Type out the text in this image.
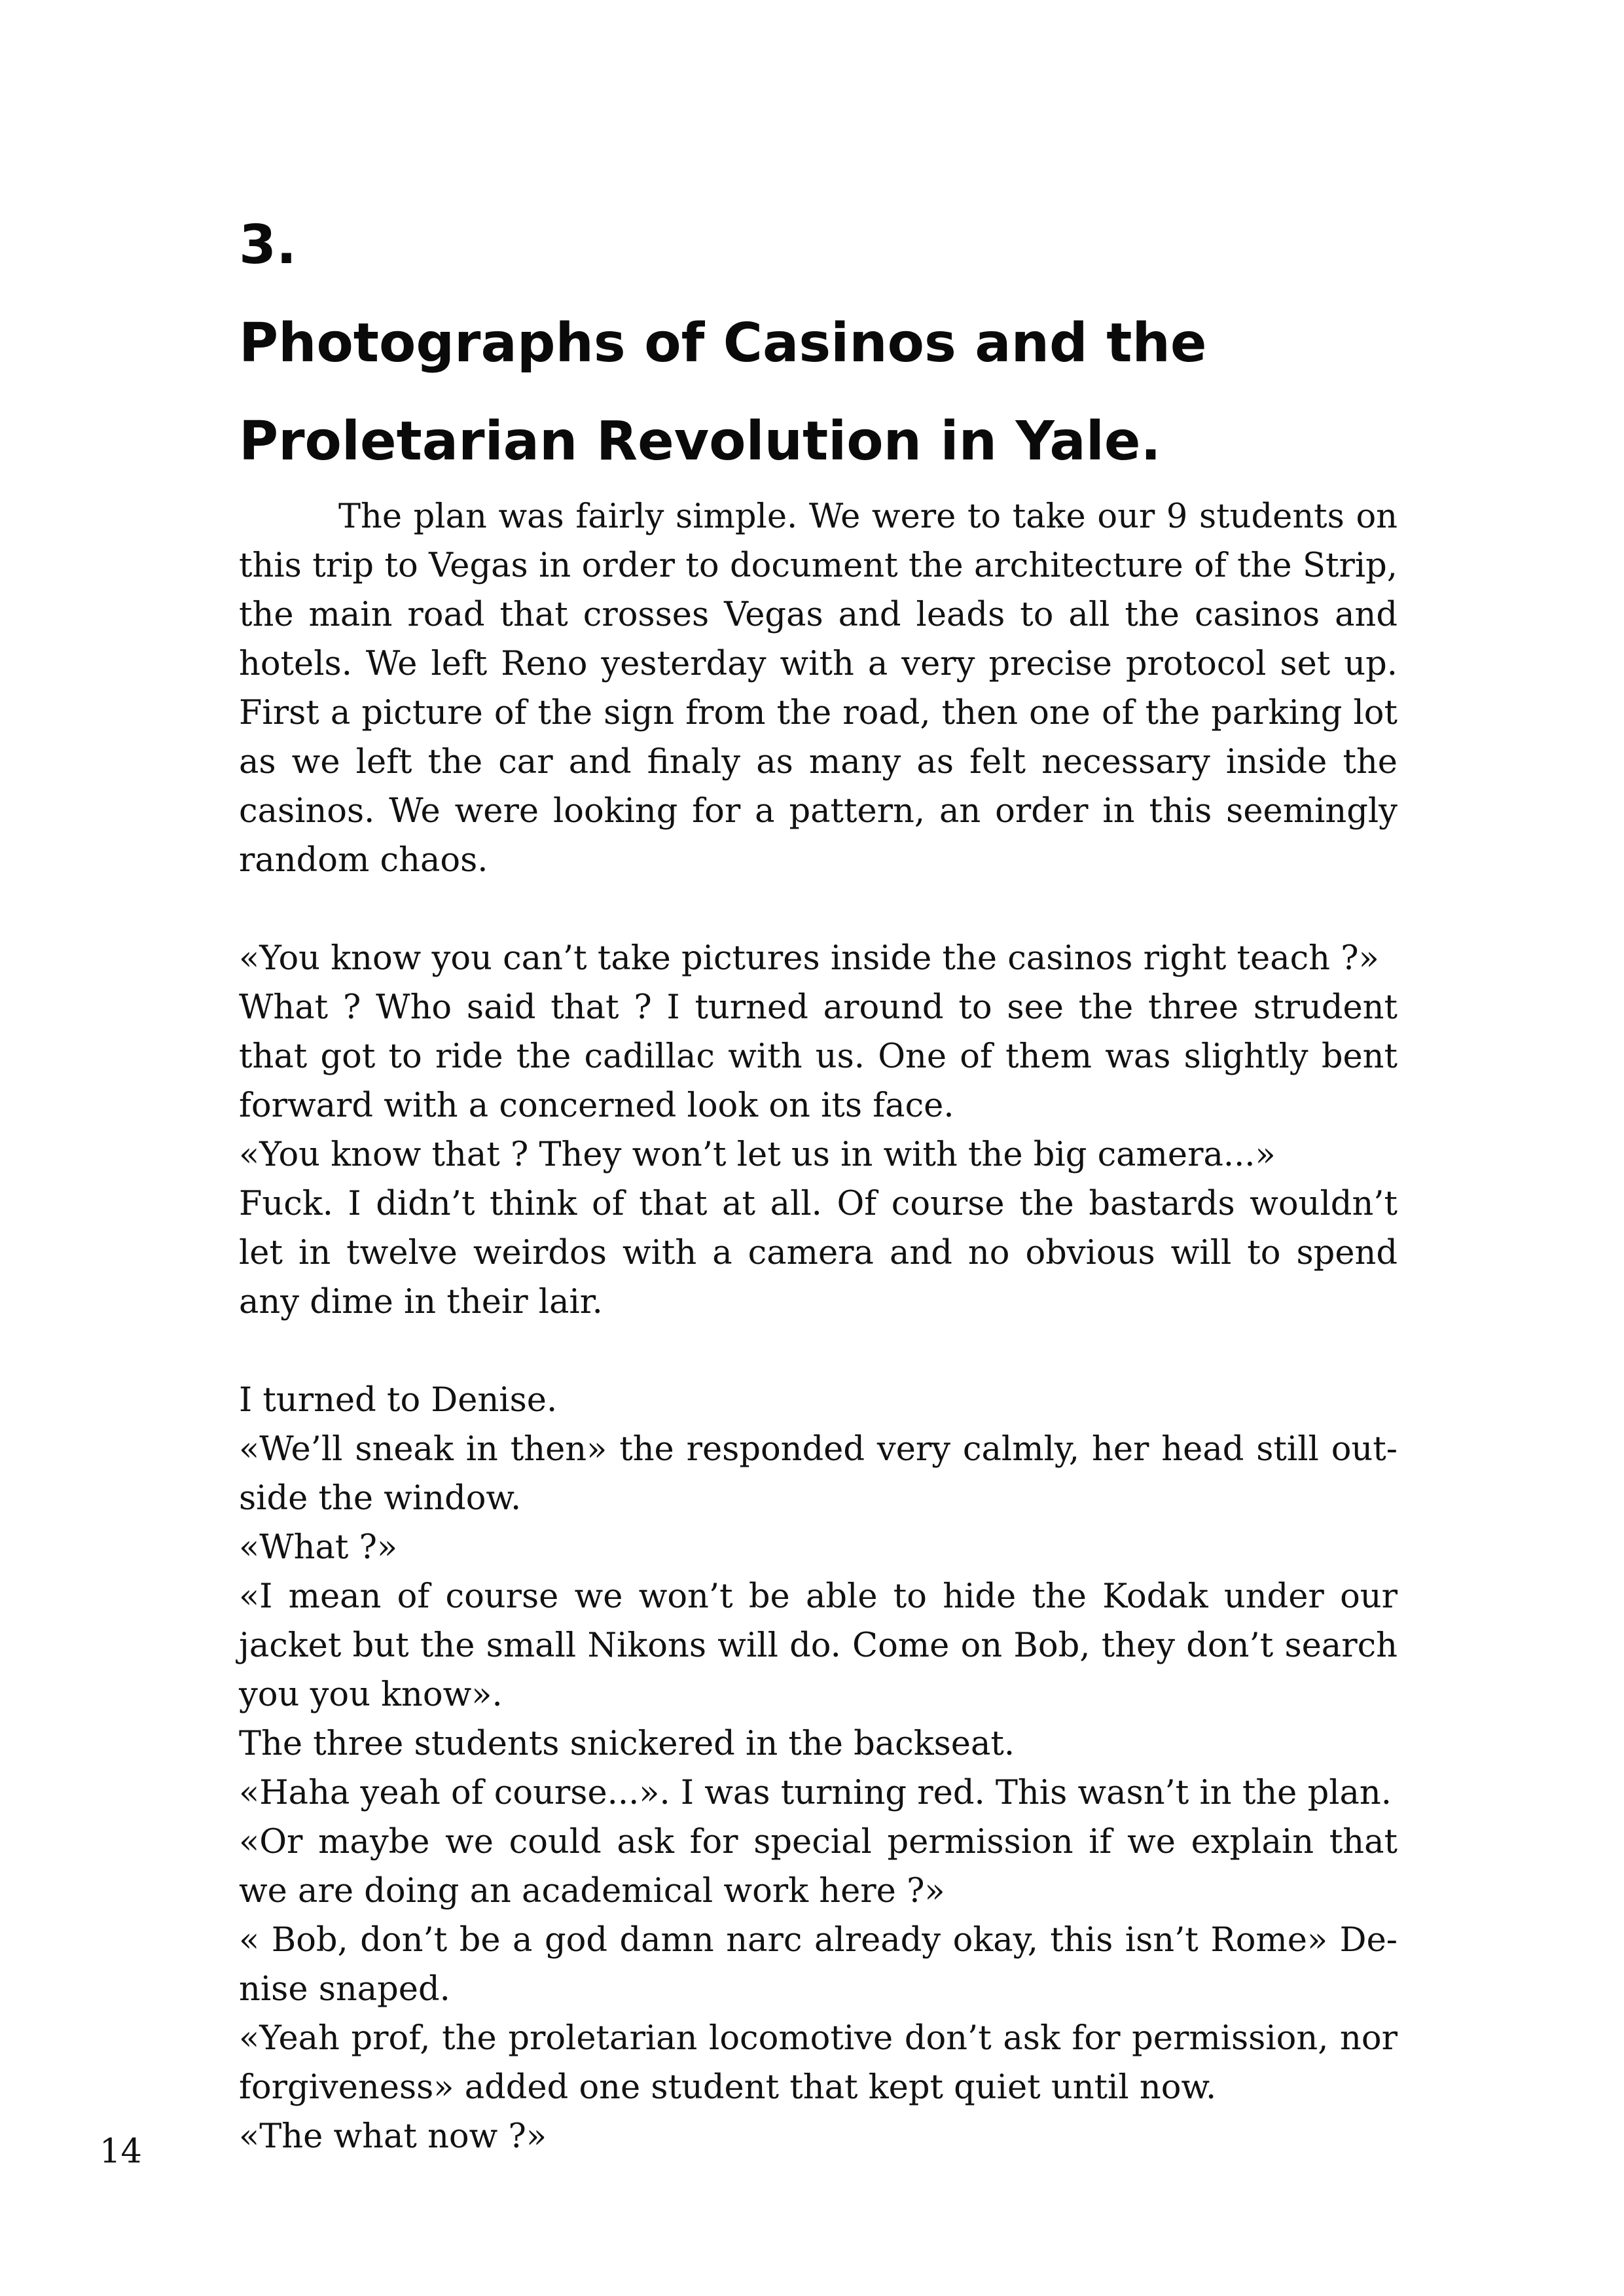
3.
Photographs of Casinos and the
Proletarian Revolution in Yale.

The plan was fairly simple. We were to take our 9 students on this trip to Vegas in order to document the architecture of the Strip, the main road that crosses Vegas and leads to all the casinos and hotels. We left Reno yesterday with a very precise protocol set up. First a picture of the sign from the road, then one of the parking lot as we left the car and finaly as many as felt necessary inside the casinos. We were looking for a pattern, an order in this seemingly random chaos.

«You know you can’t take pictures inside the casinos right teach ?»

What ? Who said that ? I turned around to see the three strudent that got to ride the cadillac with us. One of them was slightly bent forward with a concerned look on its face.

«You know that ? They won’t let us in with the big camera...»

Fuck. I didn’t think of that at all. Of course the bastards wouldn’t let in twelve weirdos with a camera and no obvious will to spend any dime in their lair.

I turned to Denise.

«We’ll sneak in then» the responded very calmly, her head still outside the window.

«What ?»

«I mean of course we won’t be able to hide the Kodak under our jacket but the small Nikons will do. Come on Bob, they don’t search you you know».

The three students snickered in the backseat.

«Haha yeah of course...». I was turning red. This wasn’t in the plan.

«Or maybe we could ask for special permission if we explain that we are doing an academical work here ?»

« Bob, don’t be a god damn narc already okay, this isn’t Rome» Denise snaped.

«Yeah prof, the proletarian locomotive don’t ask for permission, nor forgiveness» added one student that kept quiet until now.

«The what now ?»

14
